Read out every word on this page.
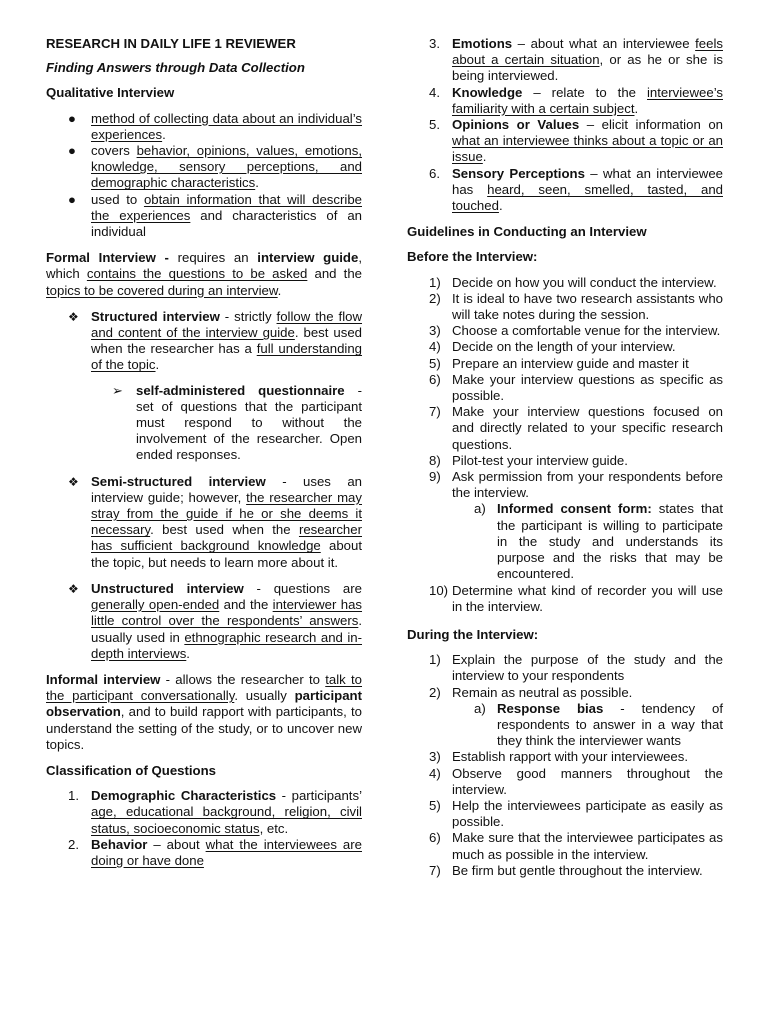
RESEARCH IN DAILY LIFE 1 REVIEWER

Finding Answers through Data Collection

Qualitative Interview

● method of collecting data about an individual’s experiences.
● covers behavior, opinions, values, emotions, knowledge, sensory perceptions, and demographic characteristics.
● used to obtain information that will describe the experiences and characteristics of an individual

Formal Interview - requires an interview guide, which contains the questions to be asked and the topics to be covered during an interview.

❖ Structured interview - strictly follow the flow and content of the interview guide. best used when the researcher has a full understanding of the topic.
➢ self-administered questionnaire - set of questions that the participant must respond to without the involvement of the researcher. Open ended responses.
❖ Semi-structured interview - uses an interview guide; however, the researcher may stray from the guide if he or she deems it necessary. best used when the researcher has sufficient background knowledge about the topic, but needs to learn more about it.
❖ Unstructured interview - questions are generally open-ended and the interviewer has little control over the respondents’ answers. usually used in ethnographic research and in-depth interviews.

Informal interview - allows the researcher to talk to the participant conversationally. usually participant observation, and to build rapport with participants, to understand the setting of the study, or to uncover new topics.

Classification of Questions

1. Demographic Characteristics - participants’ age, educational background, religion, civil status, socioeconomic status, etc.
2. Behavior – about what the interviewees are doing or have done
3. Emotions – about what an interviewee feels about a certain situation, or as he or she is being interviewed.
4. Knowledge – relate to the interviewee’s familiarity with a certain subject.
5. Opinions or Values – elicit information on what an interviewee thinks about a topic or an issue.
6. Sensory Perceptions – what an interviewee has heard, seen, smelled, tasted, and touched.

Guidelines in Conducting an Interview

Before the Interview:

1) Decide on how you will conduct the interview.
2) It is ideal to have two research assistants who will take notes during the session.
3) Choose a comfortable venue for the interview.
4) Decide on the length of your interview.
5) Prepare an interview guide and master it
6) Make your interview questions as specific as possible.
7) Make your interview questions focused on and directly related to your specific research questions.
8) Pilot-test your interview guide.
9) Ask permission from your respondents before the interview.
a) Informed consent form: states that the participant is willing to participate in the study and understands its purpose and the risks that may be encountered.
10) Determine what kind of recorder you will use in the interview.

During the Interview:

1) Explain the purpose of the study and the interview to your respondents
2) Remain as neutral as possible.
a) Response bias - tendency of respondents to answer in a way that they think the interviewer wants
3) Establish rapport with your interviewees.
4) Observe good manners throughout the interview.
5) Help the interviewees participate as easily as possible.
6) Make sure that the interviewee participates as much as possible in the interview.
7) Be firm but gentle throughout the interview.
